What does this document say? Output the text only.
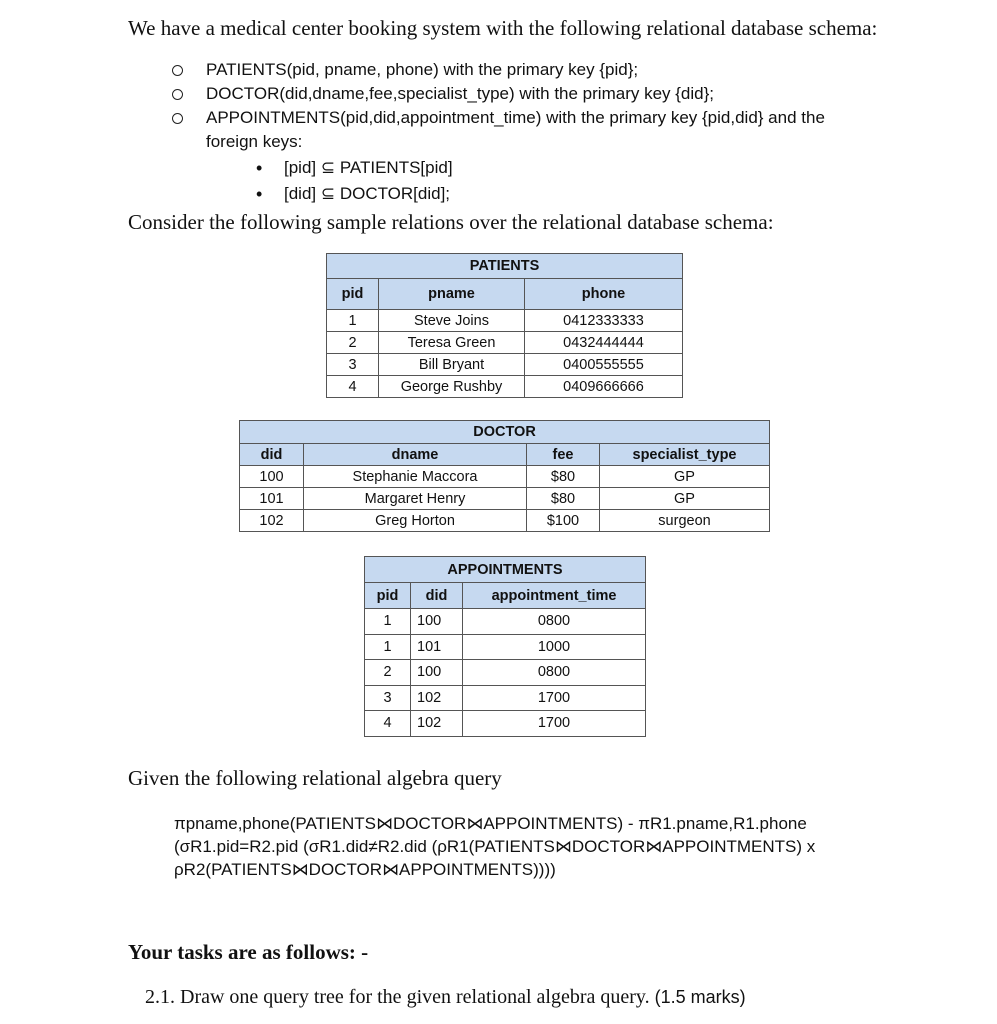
We have a medical center booking system with the following relational database schema:
PATIENTS(pid, pname, phone) with the primary key {pid};
DOCTOR(did,dname,fee,specialist_type) with the primary key {did};
APPOINTMENTS(pid,did,appointment_time) with the primary key {pid,did} and the
foreign keys:
• [pid] ⊆ PATIENTS[pid]
• [did] ⊆ DOCTOR[did];
Consider the following sample relations over the relational database schema:
PATIENTS		
pid	pname	phone
1	Steve Joins	0412333333
2	Teresa Green	0432444444
3	Bill Bryant	0400555555
4	George Rushby	0409666666
DOCTOR			
did	dname	fee	specialist_type
100	Stephanie Maccora	$80	GP
101	Margaret Henry	$80	GP
102	Greg Horton	$100	surgeon
APPOINTMENTS		
pid	did	appointment_time
1	100	0800
1	101	1000
2	100	0800
3	102	1700
4	102	1700
Given the following relational algebra query
πpname,phone(PATIENTS⋈DOCTOR⋈APPOINTMENTS) - πR1.pname,R1.phone
(σR1.pid=R2.pid (σR1.did≠R2.did (ρR1(PATIENTS⋈DOCTOR⋈APPOINTMENTS) x
ρR2(PATIENTS⋈DOCTOR⋈APPOINTMENTS))))
Your tasks are as follows: -
2.1. Draw one query tree for the given relational algebra query. (1.5 marks)
